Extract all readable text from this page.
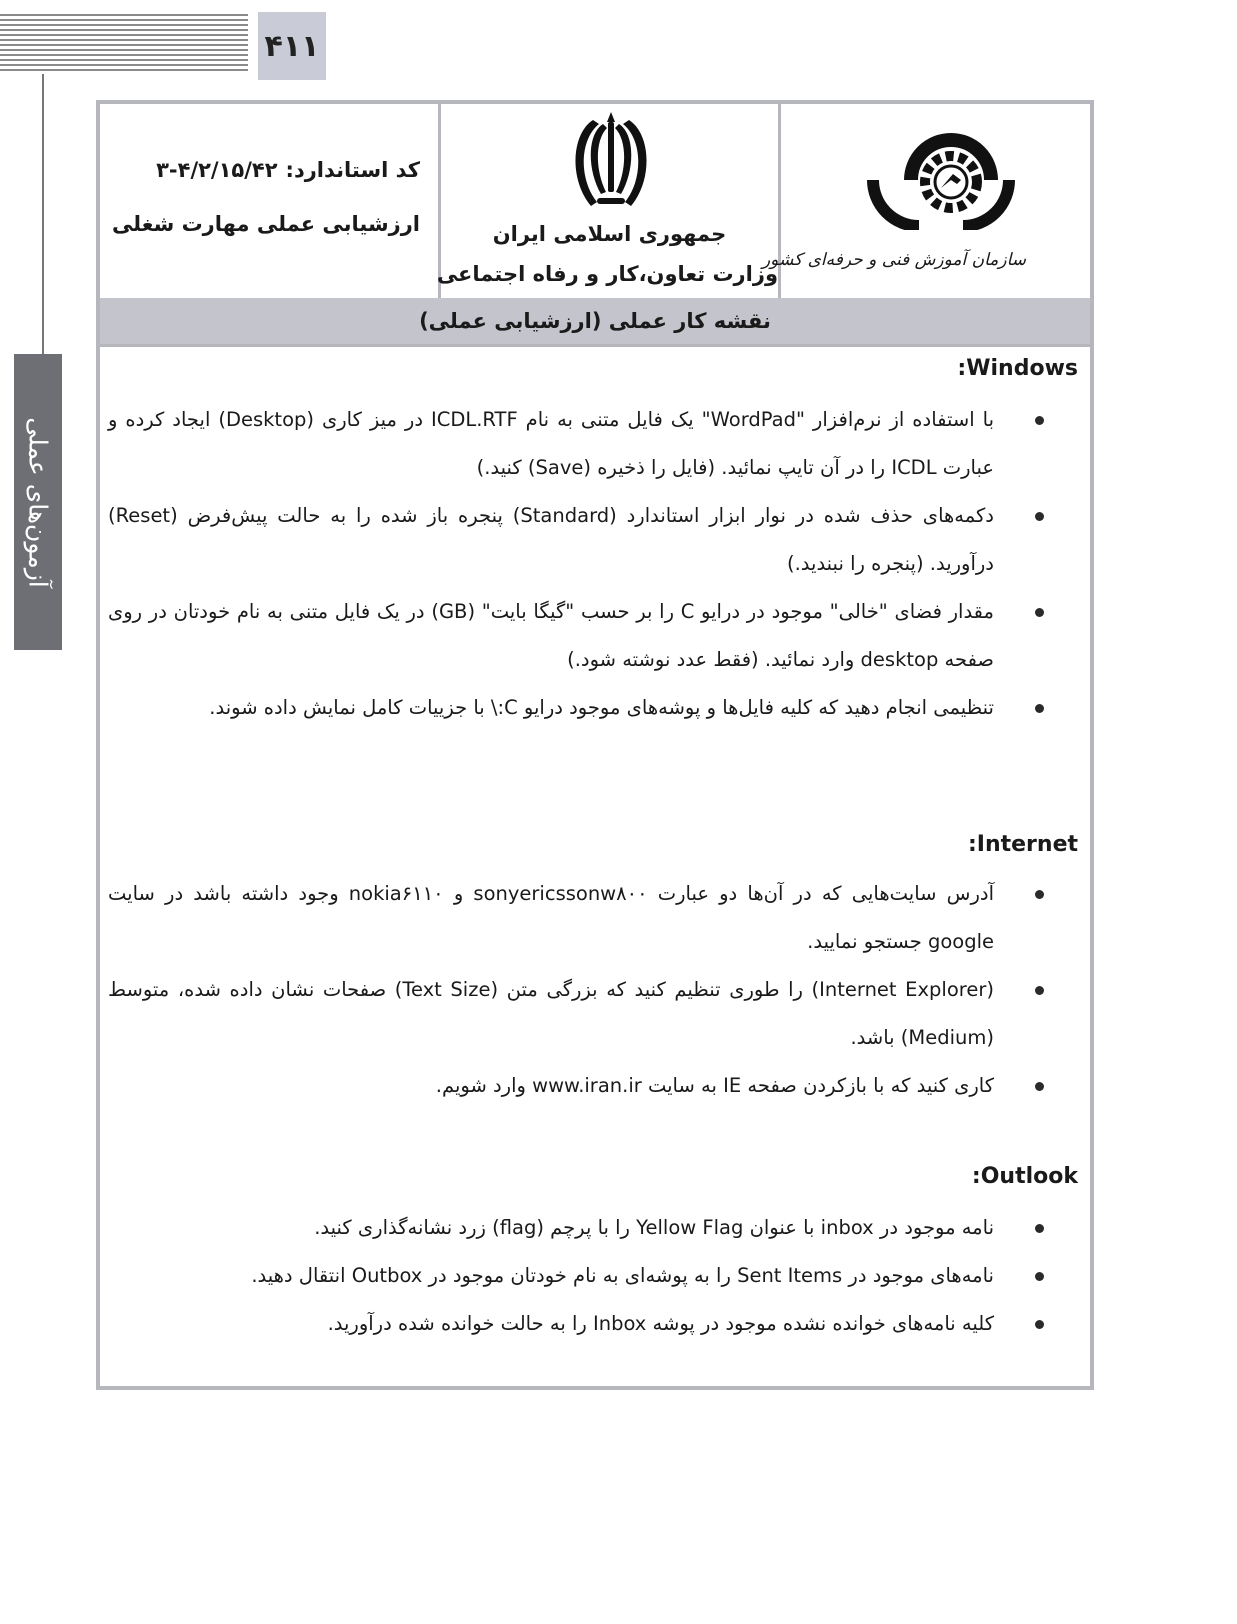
۴۱۱
آزمون‌های عملی
کد استاندارد:۴/۲/۱۵/۴۲-۳
ارزشیابی عملی مهارت شغلی	جمهوری اسلامی ایران
وزارت تعاون،کار و رفاه اجتماعی
سازمان آموزش فنی و حرفه‌ای کشور
نقشه کار عملی (ارزشیابی عملی)
Windows:
با استفاده از نرم‌افزار "WordPad" یک فایل متنی به نام ICDL.RTF در میز کاری (Desktop) ایجاد کرده و عبارت ICDL را در آن تایپ نمائید. (فایل را ذخیره (Save) کنید.)
دکمه‌های حذف شده در نوار ابزار استاندارد (Standard) پنجره باز شده را به حالت پیش‌فرض (Reset) درآورید. (پنجره را نبندید.)
مقدار فضای "خالی" موجود در درایو C را بر حسب "گیگا بایت" (GB) در یک فایل متنی به نام خودتان در روی صفحه desktop وارد نمائید. (فقط عدد نوشته شود.)
تنظیمی انجام دهید که کلیه فایل‌ها و پوشه‌های موجود درایو C:\ با جزییات کامل نمایش داده شوند.
Internet:
آدرس سایت‌هایی که در آن‌ها دو عبارت sonyericssonw۸۰۰ و nokia۶۱۱۰ وجود داشته باشد در سایت google جستجو نمایید.
(Internet Explorer) را طوری تنظیم کنید که بزرگی متن (Text Size) صفحات نشان داده شده، متوسط (Medium) باشد.
کاری کنید که با بازکردن صفحه IE به سایت www.iran.ir وارد شویم.
Outlook:
نامه موجود در inbox با عنوان Yellow Flag را با پرچم (flag) زرد نشانه‌گذاری کنید.
نامه‌های موجود در Sent Items را به پوشه‌ای به نام خودتان موجود در Outbox انتقال دهید.
کلیه نامه‌های خوانده نشده موجود در پوشه Inbox را به حالت خوانده شده درآورید.
